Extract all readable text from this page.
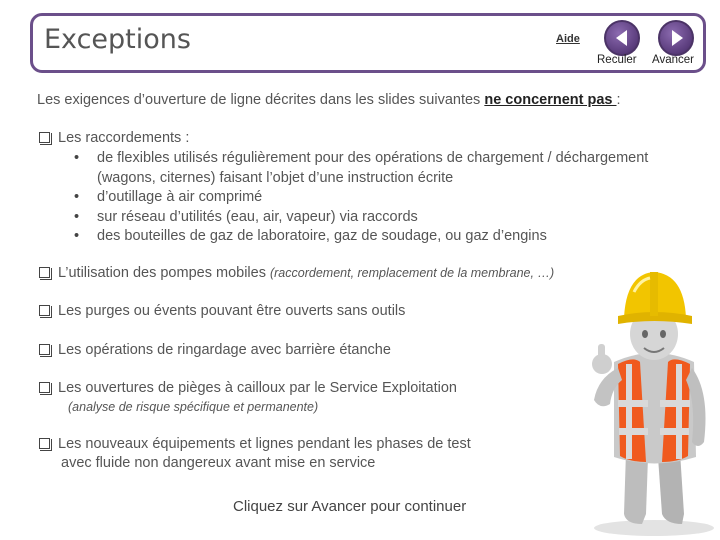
Exceptions	Aide
Reculer Avancer
Les exigences d’ouverture de ligne décrites dans les slides suivantes ne concernent pas :
Les raccordements :
• de flexibles utilisés régulièrement pour des opérations de chargement / déchargement
(wagons, citernes) faisant l’objet d’une instruction écrite
• d’outillage à air comprimé
• sur réseau d’utilités (eau, air, vapeur) via raccords
• des bouteilles de gaz de laboratoire, gaz de soudage, ou gaz d’engins
L’utilisation des pompes mobiles (raccordement, remplacement de la membrane, …)
Les purges ou évents pouvant être ouverts sans outils
Les opérations de ringardage avec barrière étanche
Les ouvertures de pièges à cailloux par le Service Exploitation
(analyse de risque spécifique et permanente)
Les nouveaux équipements et lignes pendant les phases de test
avec fluide non dangereux avant mise en service
Cliquez sur Avancer pour continuer
